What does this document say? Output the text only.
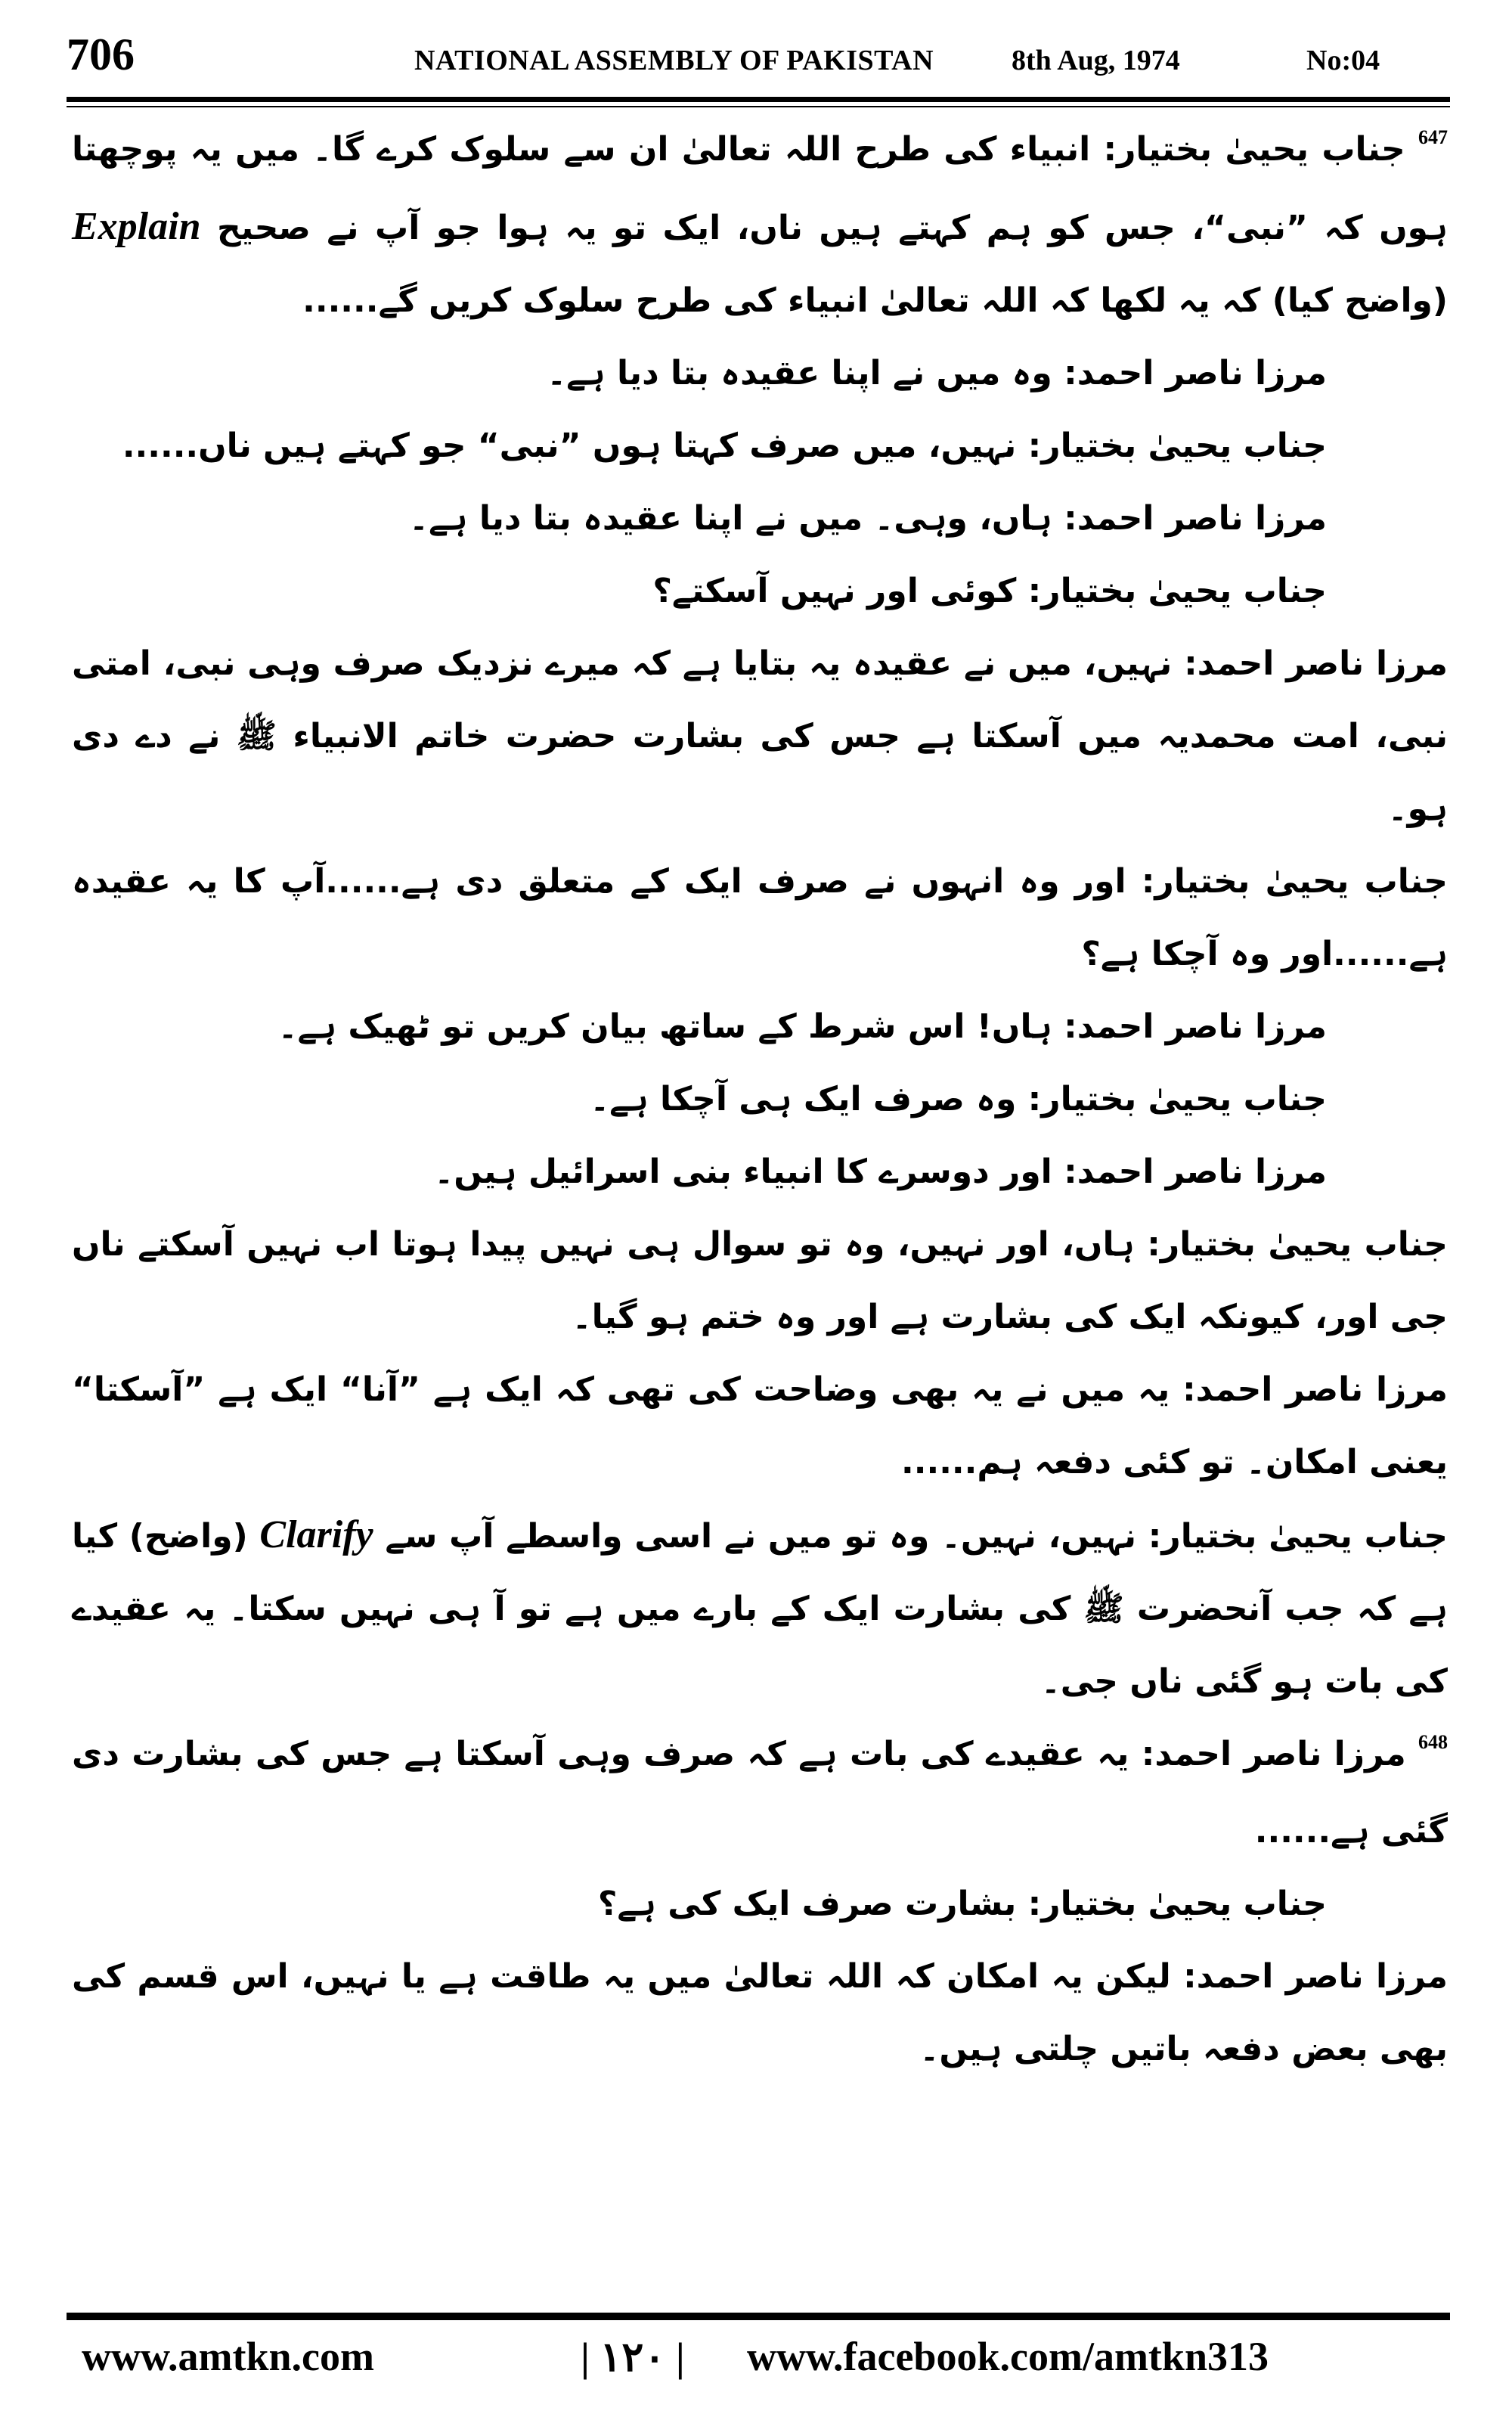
706	NATIONAL ASSEMBLY OF PAKISTAN	8th Aug, 1974	No:04

$^{647}$ جناب یحییٰ بختیار: انبیاء کی طرح اللہ تعالیٰ ان سے سلوک کرے گا۔ میں یہ پوچھتا ہوں کہ ”نبی“، جس کو ہم کہتے ہیں ناں، ایک تو یہ ہوا جو آپ نے صحیح Explain (واضح کیا) کہ یہ لکھا کہ اللہ تعالیٰ انبیاء کی طرح سلوک کریں گے......

مرزا ناصر احمد: وہ میں نے اپنا عقیدہ بتا دیا ہے۔

جناب یحییٰ بختیار: نہیں، میں صرف کہتا ہوں ”نبی“ جو کہتے ہیں ناں......

مرزا ناصر احمد: ہاں، وہی۔ میں نے اپنا عقیدہ بتا دیا ہے۔

جناب یحییٰ بختیار: کوئی اور نہیں آسکتے؟

مرزا ناصر احمد: نہیں، میں نے عقیدہ یہ بتایا ہے کہ میرے نزدیک صرف وہی نبی، امتی نبی، امت محمدیہ میں آسکتا ہے جس کی بشارت حضرت خاتم الانبیاء ﷺ نے دے دی ہو۔

جناب یحییٰ بختیار: اور وہ انہوں نے صرف ایک کے متعلق دی ہے......آپ کا یہ عقیدہ ہے......اور وہ آچکا ہے؟

مرزا ناصر احمد: ہاں! اس شرط کے ساتھ بیان کریں تو ٹھیک ہے۔

جناب یحییٰ بختیار: وہ صرف ایک ہی آچکا ہے۔

مرزا ناصر احمد: اور دوسرے کا انبیاء بنی اسرائیل ہیں۔

جناب یحییٰ بختیار: ہاں، اور نہیں، وہ تو سوال ہی نہیں پیدا ہوتا اب نہیں آسکتے ناں جی اور، کیونکہ ایک کی بشارت ہے اور وہ ختم ہو گیا۔

مرزا ناصر احمد: یہ میں نے یہ بھی وضاحت کی تھی کہ ایک ہے ”آنا“ ایک ہے ”آسکتا“ یعنی امکان۔ تو کئی دفعہ ہم......

جناب یحییٰ بختیار: نہیں، نہیں۔ وہ تو میں نے اسی واسطے آپ سے Clarify (واضح) کیا ہے کہ جب آنحضرت ﷺ کی بشارت ایک کے بارے میں ہے تو آ ہی نہیں سکتا۔ یہ عقیدے کی بات ہو گئی ناں جی۔

$^{648}$ مرزا ناصر احمد: یہ عقیدے کی بات ہے کہ صرف وہی آسکتا ہے جس کی بشارت دی گئی ہے......

جناب یحییٰ بختیار: بشارت صرف ایک کی ہے؟

مرزا ناصر احمد: لیکن یہ امکان کہ اللہ تعالیٰ میں یہ طاقت ہے یا نہیں، اس قسم کی بھی بعض دفعہ باتیں چلتی ہیں۔

www.amtkn.com	| ۱۲۰ | www.facebook.com/amtkn313
